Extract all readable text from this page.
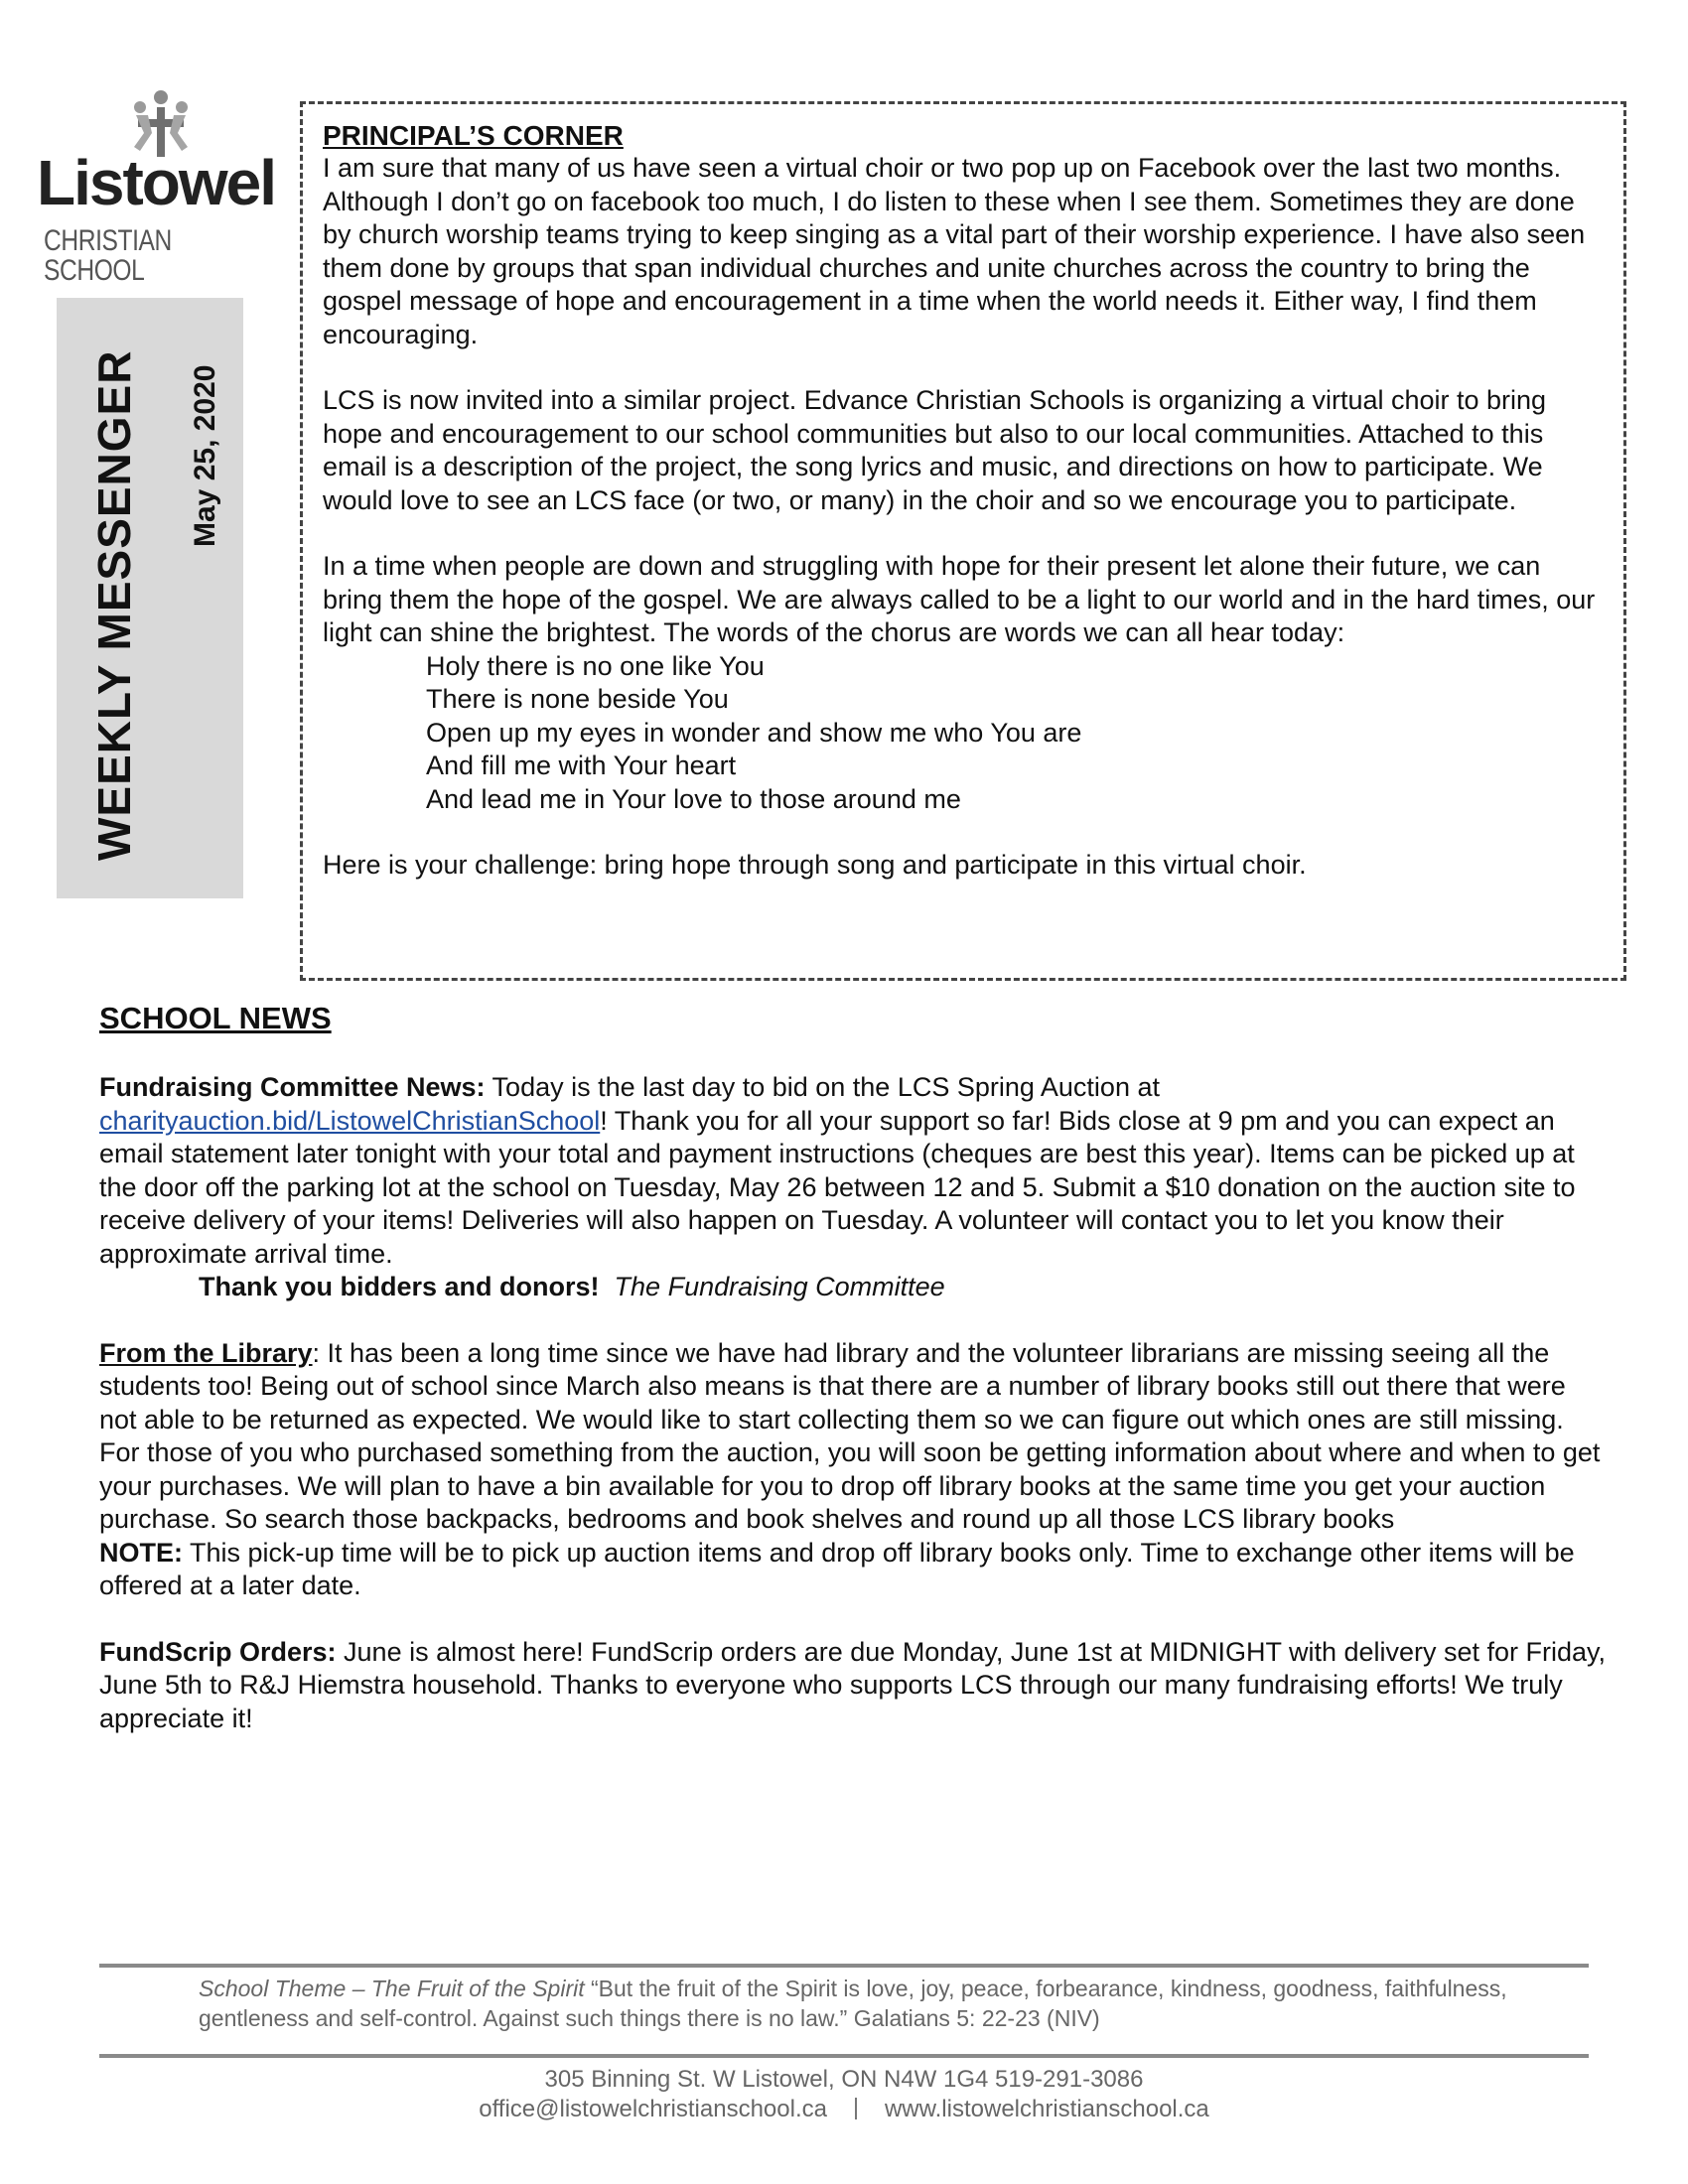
Listowel
CHRISTIAN SCHOOL
WEEKLY MESSENGER May 25, 2020
PRINCIPAL’S CORNER

I am sure that many of us have seen a virtual choir or two pop up on Facebook over the last two months. Although I don’t go on facebook too much, I do listen to these when I see them. Sometimes they are done by church worship teams trying to keep singing as a vital part of their worship experience. I have also seen them done by groups that span individual churches and unite churches across the country to bring the gospel message of hope and encouragement in a time when the world needs it. Either way, I find them encouraging.

LCS is now invited into a similar project. Edvance Christian Schools is organizing a virtual choir to bring hope and encouragement to our school communities but also to our local communities. Attached to this email is a description of the project, the song lyrics and music, and directions on how to participate. We would love to see an LCS face (or two, or many) in the choir and so we encourage you to participate.

In a time when people are down and struggling with hope for their present let alone their future, we can bring them the hope of the gospel. We are always called to be a light to our world and in the hard times, our light can shine the brightest. The words of the chorus are words we can all hear today:

Holy there is no one like You
There is none beside You
Open up my eyes in wonder and show me who You are
And fill me with Your heart
And lead me in Your love to those around me

Here is your challenge: bring hope through song and participate in this virtual choir.

SCHOOL NEWS

Fundraising Committee News: Today is the last day to bid on the LCS Spring Auction at charityauction.bid/ListowelChristianSchool! Thank you for all your support so far! Bids close at 9 pm and you can expect an email statement later tonight with your total and payment instructions (cheques are best this year). Items can be picked up at the door off the parking lot at the school on Tuesday, May 26 between 12 and 5. Submit a $10 donation on the auction site to receive delivery of your items! Deliveries will also happen on Tuesday. A volunteer will contact you to let you know their approximate arrival time.

Thank you bidders and donors! The Fundraising Committee

From the Library: It has been a long time since we have had library and the volunteer librarians are missing seeing all the students too! Being out of school since March also means is that there are a number of library books still out there that were not able to be returned as expected. We would like to start collecting them so we can figure out which ones are still missing. For those of you who purchased something from the auction, you will soon be getting information about where and when to get your purchases. We will plan to have a bin available for you to drop off library books at the same time you get your auction purchase. So search those backpacks, bedrooms and book shelves and round up all those LCS library books

NOTE: This pick-up time will be to pick up auction items and drop off library books only. Time to exchange other items will be offered at a later date.

FundScrip Orders: June is almost here! FundScrip orders are due Monday, June 1st at MIDNIGHT with delivery set for Friday, June 5th to R&J Hiemstra household. Thanks to everyone who supports LCS through our many fundraising efforts! We truly appreciate it!

School Theme – The Fruit of the Spirit “But the fruit of the Spirit is love, joy, peace, forbearance, kindness, goodness, faithfulness, gentleness and self-control. Against such things there is no law.” Galatians 5: 22-23 (NIV)
305 Binning St. W Listowel, ON N4W 1G4 519-291-3086
office@listowelchristianschool.ca www.listowelchristianschool.ca
